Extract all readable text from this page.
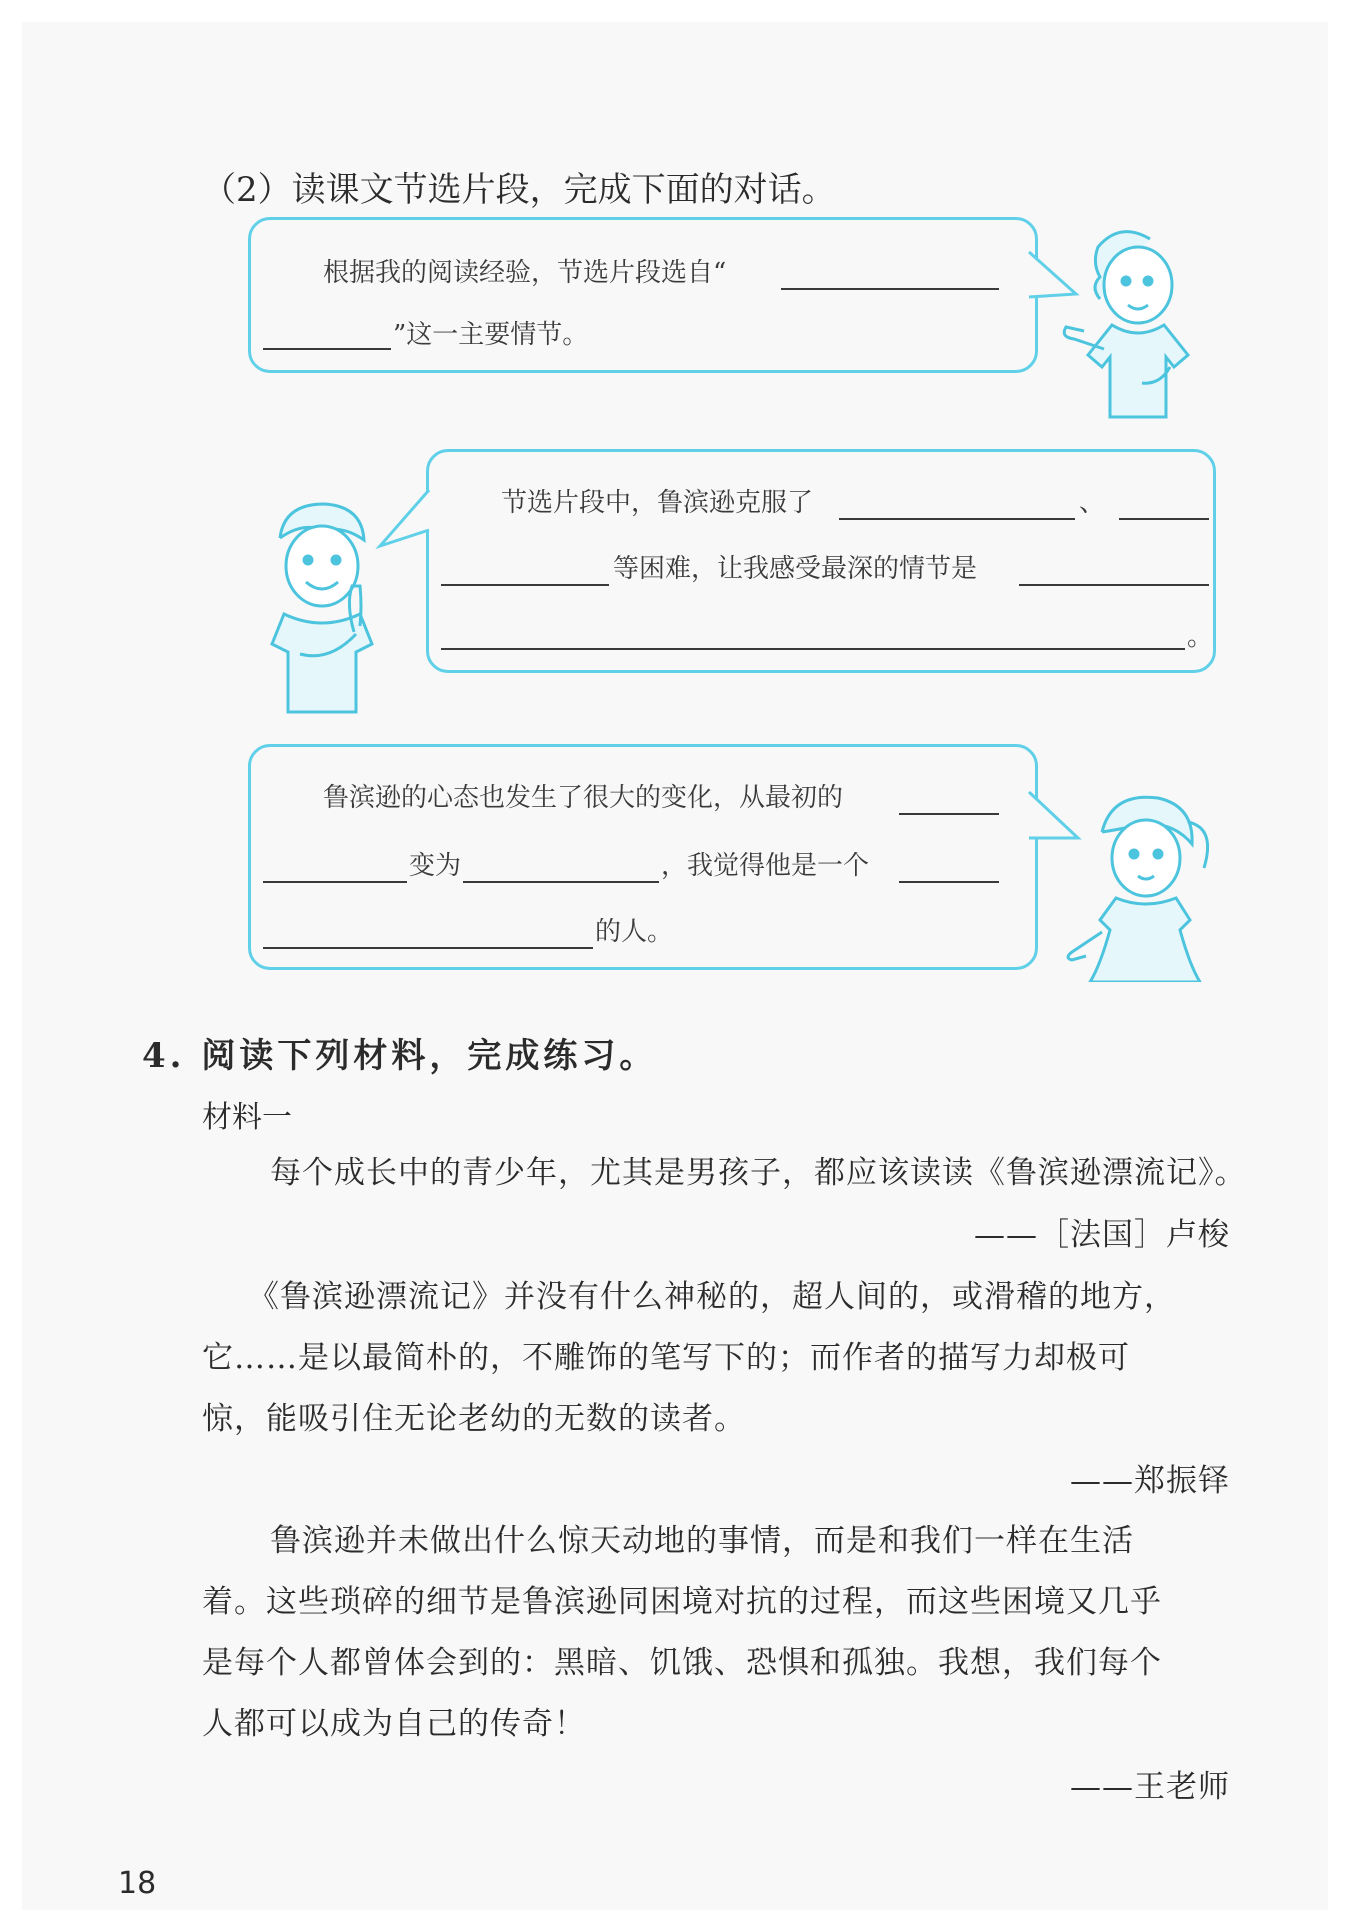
（2）读课文节选片段，完成下面的对话。
根据我的阅读经验，节选片段选自“
”这一主要情节。
节选片段中，鲁滨逊克服了	、
等困难，让我感受最深的情节是
。
鲁滨逊的心态也发生了很大的变化，从最初的
变为	，我觉得他是一个
的人。
4. 阅读下列材料，完成练习。
材料一
每个成长中的青少年，尤其是男孩子，都应该读读《鲁滨逊漂流记》。
——［法国］卢梭
《鲁滨逊漂流记》并没有什么神秘的，超人间的，或滑稽的地方，
它……是以最简朴的，不雕饰的笔写下的；而作者的描写力却极可
惊，能吸引住无论老幼的无数的读者。
——郑振铎
鲁滨逊并未做出什么惊天动地的事情，而是和我们一样在生活
着。这些琐碎的细节是鲁滨逊同困境对抗的过程，而这些困境又几乎
是每个人都曾体会到的：黑暗、饥饿、恐惧和孤独。我想，我们每个
人都可以成为自己的传奇！
——王老师
18
